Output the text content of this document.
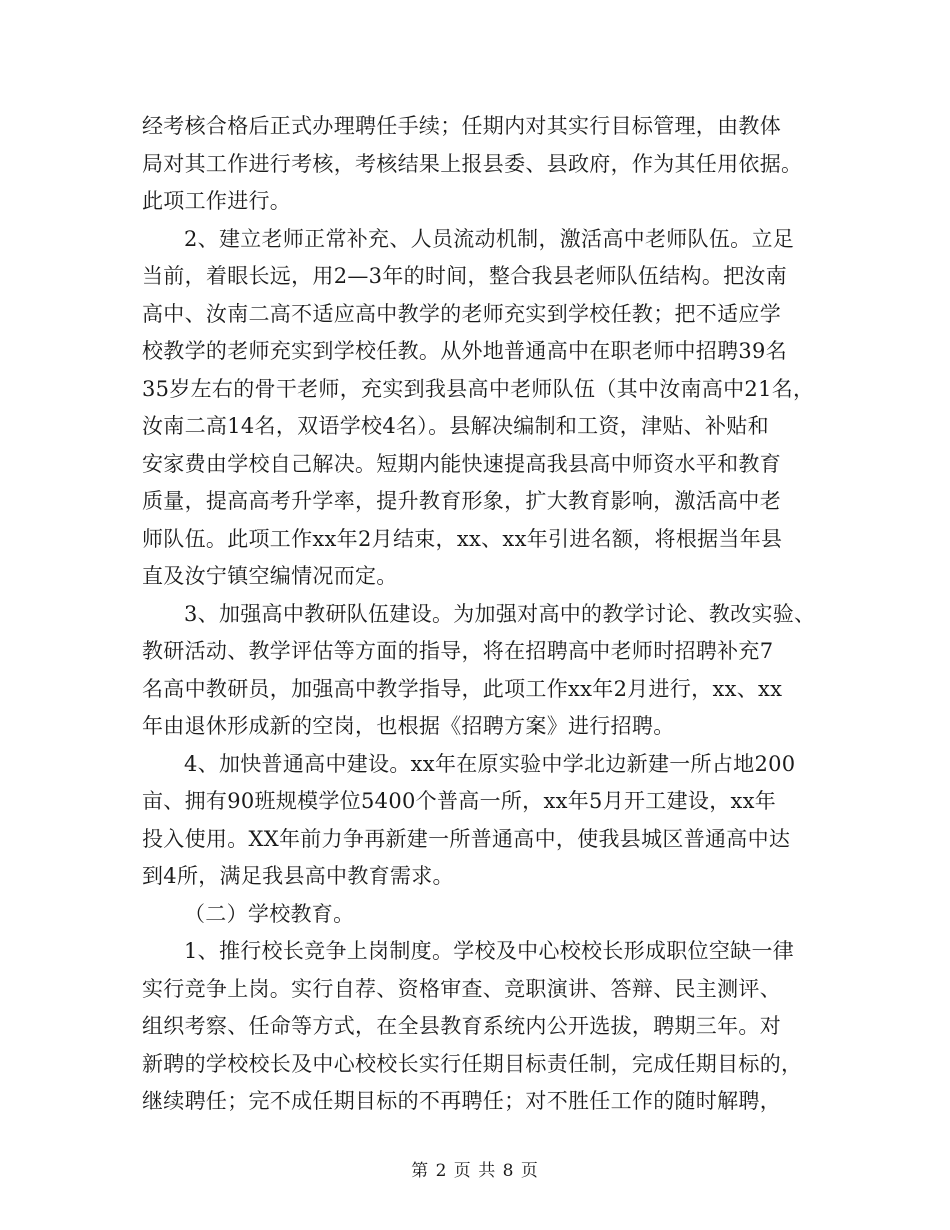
经考核合格后正式办理聘任手续；任期内对其实行目标管理，由教体
局对其工作进行考核，考核结果上报县委、县政府，作为其任用依据。
此项工作进行。
2、建立老师正常补充、人员流动机制，激活高中老师队伍。立足
当前，着眼长远，用2—3年的时间，整合我县老师队伍结构。把汝南
高中、汝南二高不适应高中教学的老师充实到学校任教；把不适应学
校教学的老师充实到学校任教。从外地普通高中在职老师中招聘39名
35岁左右的骨干老师，充实到我县高中老师队伍（其中汝南高中21名，
汝南二高14名，双语学校4名）。县解决编制和工资，津贴、补贴和
安家费由学校自己解决。短期内能快速提高我县高中师资水平和教育
质量，提高高考升学率，提升教育形象，扩大教育影响，激活高中老
师队伍。此项工作xx年2月结束，xx、xx年引进名额，将根据当年县
直及汝宁镇空编情况而定。
3、加强高中教研队伍建设。为加强对高中的教学讨论、教改实验、
教研活动、教学评估等方面的指导，将在招聘高中老师时招聘补充7
名高中教研员，加强高中教学指导，此项工作xx年2月进行，xx、xx
年由退休形成新的空岗，也根据《招聘方案》进行招聘。
4、加快普通高中建设。xx年在原实验中学北边新建一所占地200
亩、拥有90班规模学位5400个普高一所，xx年5月开工建设，xx年
投入使用。XX年前力争再新建一所普通高中，使我县城区普通高中达
到4所，满足我县高中教育需求。
（二）学校教育。
1、推行校长竞争上岗制度。学校及中心校校长形成职位空缺一律
实行竞争上岗。实行自荐、资格审查、竞职演讲、答辩、民主测评、
组织考察、任命等方式，在全县教育系统内公开选拔，聘期三年。对
新聘的学校校长及中心校校长实行任期目标责任制，完成任期目标的，
继续聘任；完不成任期目标的不再聘任；对不胜任工作的随时解聘，
第 2 页 共 8 页
